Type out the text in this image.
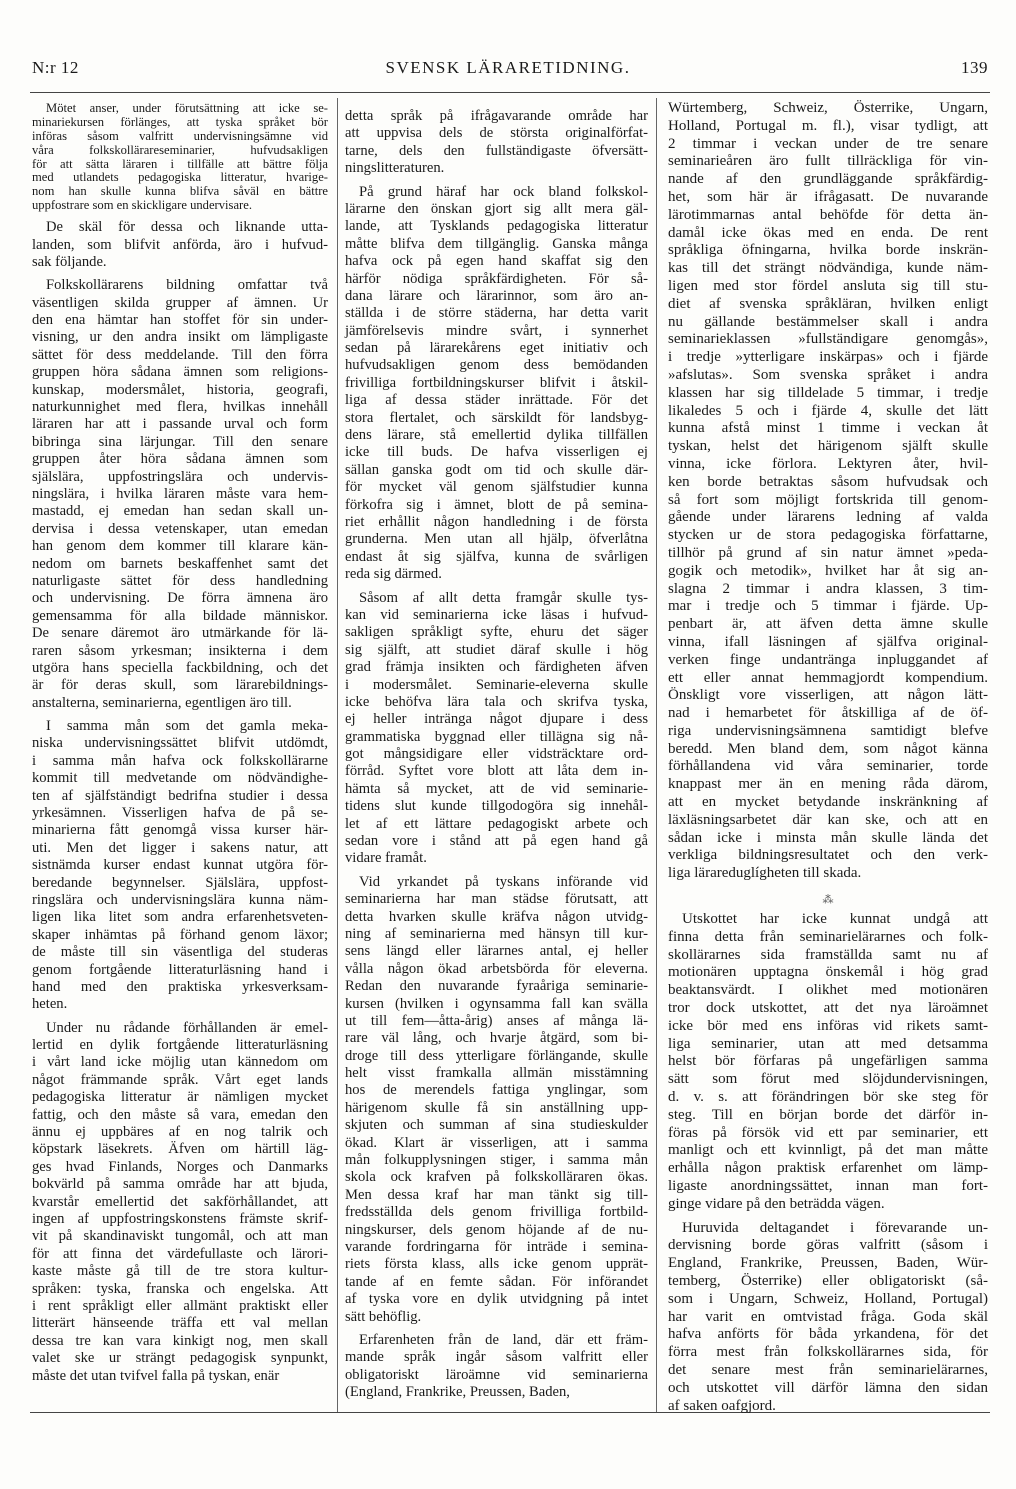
N:r 12	SVENSK LÄRARETIDNING.	139
Mötet anser, under förutsättning att icke se-
minariekursen förlänges, att tyska språket bör
införas såsom valfritt undervisningsämne vid
våra folkskollärareseminarier, hufvudsakligen
för att sätta läraren i tillfälle att bättre följa
med utlandets pedagogiska litteratur, hvarige-
nom han skulle kunna blifva såväl en bättre
uppfostrare som en skickligare undervisare.
De skäl för dessa och liknande utta-
landen, som blifvit anförda, äro i hufvud-
sak följande.
Folkskollärarens bildning omfattar två
väsentligen skilda grupper af ämnen. Ur
den ena hämtar han stoffet för sin under-
visning, ur den andra insikt om lämpligaste
sättet för dess meddelande. Till den förra
gruppen höra sådana ämnen som religions-
kunskap, modersmålet, historia, geografi,
naturkunnighet med flera, hvilkas innehåll
läraren har att i passande urval och form
bibringa sina lärjungar. Till den senare
gruppen åter höra sådana ämnen som
själslära, uppfostringslära och undervis-
ningslära, i hvilka läraren måste vara hem-
mastadd, ej emedan han sedan skall un-
dervisa i dessa vetenskaper, utan emedan
han genom dem kommer till klarare kän-
nedom om barnets beskaffenhet samt det
naturligaste sättet för dess handledning
och undervisning. De förra ämnena äro
gemensamma för alla bildade människor.
De senare däremot äro utmärkande för lä-
raren såsom yrkesman; insikterna i dem
utgöra hans speciella fackbildning, och det
är för deras skull, som lärarebildnings-
anstalterna, seminarierna, egentligen äro till.
I samma mån som det gamla meka-
niska undervisningssättet blifvit utdömdt,
i samma mån hafva ock folkskollärarne
kommit till medvetande om nödvändighe-
ten af själfständigt bedrifna studier i dessa
yrkesämnen. Visserligen hafva de på se-
minarierna fått genomgå vissa kurser här-
uti. Men det ligger i sakens natur, att
sistnämda kurser endast kunnat utgöra för-
beredande begynnelser. Själslära, uppfost-
ringslära och undervisningslära kunna näm-
ligen lika litet som andra erfarenhetsveten-
skaper inhämtas på förhand genom läxor;
de måste till sin väsentliga del studeras
genom fortgående litteraturläsning hand i
hand med den praktiska yrkesverksam-
heten.
Under nu rådande förhållanden är emel-
lertid en dylik fortgående litteraturläsning
i vårt land icke möjlig utan kännedom om
något främmande språk. Vårt eget lands
pedagogiska litteratur är nämligen mycket
fattig, och den måste så vara, emedan den
ännu ej uppbäres af en nog talrik och
köpstark läsekrets. Äfven om härtill läg-
ges hvad Finlands, Norges och Danmarks
bokvärld på samma område har att bjuda,
kvarstår emellertid det sakförhållandet, att
ingen af uppfostringskonstens främste skrif-
vit på skandinaviskt tungomål, och att man
för att finna det värdefullaste och lärori-
kaste måste gå till de tre stora kultur-
språken: tyska, franska och engelska. Att
i rent språkligt eller allmänt praktiskt eller
litterärt hänseende träffa ett val mellan
dessa tre kan vara kinkigt nog, men skall
valet ske ur strängt pedagogisk synpunkt,
måste det utan tvifvel falla på tyskan, enär
detta språk på ifrågavarande område har
att uppvisa dels de största originalförfat-
tarne, dels den fullständigaste öfversätt-
ningslitteraturen.
På grund häraf har ock bland folkskol-
lärarne den önskan gjort sig allt mera gäl-
lande, att Tysklands pedagogiska litteratur
måtte blifva dem tillgänglig. Ganska många
hafva ock på egen hand skaffat sig den
härför nödiga språkfärdigheten. För så-
dana lärare och lärarinnor, som äro an-
ställda i de större städerna, har detta varit
jämförelsevis mindre svårt, i synnerhet
sedan på lärarekårens eget initiativ och
hufvudsakligen genom dess bemödanden
frivilliga fortbildningskurser blifvit i åtskil-
liga af dessa städer inrättade. För det
stora flertalet, och särskildt för landsbyg-
dens lärare, stå emellertid dylika tillfällen
icke till buds. De hafva visserligen ej
sällan ganska godt om tid och skulle där-
för mycket väl genom själfstudier kunna
förkofra sig i ämnet, blott de på semina-
riet erhållit någon handledning i de första
grunderna. Men utan all hjälp, öfverlåtna
endast åt sig själfva, kunna de svårligen
reda sig därmed.
Såsom af allt detta framgår skulle tys-
kan vid seminarierna icke läsas i hufvud-
sakligen språkligt syfte, ehuru det säger
sig själft, att studiet däraf skulle i hög
grad främja insikten och färdigheten äfven
i modersmålet. Seminarie-eleverna skulle
icke behöfva lära tala och skrifva tyska,
ej heller intränga något djupare i dess
grammatiska byggnad eller tillägna sig nå-
got mångsidigare eller vidsträcktare ord-
förråd. Syftet vore blott att låta dem in-
hämta så mycket, att de vid seminarie-
tidens slut kunde tillgodogöra sig innehål-
let af ett lättare pedagogiskt arbete och
sedan vore i stånd att på egen hand gå
vidare framåt.
Vid yrkandet på tyskans införande vid
seminarierna har man städse förutsatt, att
detta hvarken skulle kräfva någon utvidg-
ning af seminarierna med hänsyn till kur-
sens längd eller lärarnes antal, ej heller
vålla någon ökad arbetsbörda för eleverna.
Redan den nuvarande fyraåriga seminarie-
kursen (hvilken i ogynsamma fall kan svälla
ut till fem—åtta-årig) anses af många lä-
rare väl lång, och hvarje åtgärd, som bi-
droge till dess ytterligare förlängande, skulle
helt visst framkalla allmän misstämning
hos de merendels fattiga ynglingar, som
härigenom skulle få sin anställning upp-
skjuten och summan af sina studieskulder
ökad. Klart är visserligen, att i samma
mån folkupplysningen stiger, i samma mån
skola ock krafven på folkskolläraren ökas.
Men dessa kraf har man tänkt sig till-
fredsställda dels genom frivilliga fortbild-
ningskurser, dels genom höjande af de nu-
varande fordringarna för inträde i semina-
riets första klass, alls icke genom upprät-
tande af en femte sådan. För införandet
af tyska vore en dylik utvidgning på intet
sätt behöflig.
Erfarenheten från de land, där ett främ-
mande språk ingår såsom valfritt eller
obligatoriskt läroämne vid seminarierna
(England, Frankrike, Preussen, Baden,
Würtemberg, Schweiz, Österrike, Ungarn,
Holland, Portugal m. fl.), visar tydligt, att
2 timmar i veckan under de tre senare
seminarieåren äro fullt tillräckliga för vin-
nande af den grundläggande språkfärdig-
het, som här är ifrågasatt. De nuvarande
lärotimmarnas antal behöfde för detta än-
damål icke ökas med en enda. De rent
språkliga öfningarna, hvilka borde inskrän-
kas till det strängt nödvändiga, kunde näm-
ligen med stor fördel ansluta sig till stu-
diet af svenska språkläran, hvilken enligt
nu gällande bestämmelser skall i andra
seminarieklassen »fullständigare genomgås»,
i tredje »ytterligare inskärpas» och i fjärde
»afslutas». Som svenska språket i andra
klassen har sig tilldelade 5 timmar, i tredje
likaledes 5 och i fjärde 4, skulle det lätt
kunna afstå minst 1 timme i veckan åt
tyskan, helst det härigenom själft skulle
vinna, icke förlora. Lektyren åter, hvil-
ken borde betraktas såsom hufvudsak och
så fort som möjligt fortskrida till genom-
gående under lärarens ledning af valda
stycken ur de stora pedagogiska författarne,
tillhör på grund af sin natur ämnet »peda-
gogik och metodik», hvilket har åt sig an-
slagna 2 timmar i andra klassen, 3 tim-
mar i tredje och 5 timmar i fjärde. Up-
penbart är, att äfven detta ämne skulle
vinna, ifall läsningen af själfva original-
verken finge undantränga inpluggandet af
ett eller annat hemmagjordt kompendium.
Önskligt vore visserligen, att någon lätt-
nad i hemarbetet för åtskilliga af de öf-
riga undervisningsämnena samtidigt blefve
beredd. Men bland dem, som något känna
förhållandena vid våra seminarier, torde
knappast mer än en mening råda därom,
att en mycket betydande inskränkning af
läxläsningsarbetet där kan ske, och att en
sådan icke i minsta mån skulle lända det
verkliga bildningsresultatet och den verk-
liga lärareduglígheten till skada.
⁂
Utskottet har icke kunnat undgå att
finna detta från seminarielärarnes och folk-
skollärarnes sida framställda samt nu af
motionären upptagna önskemål i hög grad
beaktansvärdt. I olikhet med motionären
tror dock utskottet, att det nya läroämnet
icke bör med ens införas vid rikets samt-
liga seminarier, utan att med detsamma
helst bör förfaras på ungefärligen samma
sätt som förut med slöjdundervisningen,
d. v. s. att förändringen bör ske steg för
steg. Till en början borde det därför in-
föras på försök vid ett par seminarier, ett
manligt och ett kvinnligt, på det man måtte
erhålla någon praktisk erfarenhet om lämp-
ligaste anordningssättet, innan man fort-
ginge vidare på den beträdda vägen.
Huruvida deltagandet i förevarande un-
dervisning borde göras valfritt (såsom i
England, Frankrike, Preussen, Baden, Wür-
temberg, Österrike) eller obligatoriskt (så-
som i Ungarn, Schweiz, Holland, Portugal)
har varit en omtvistad fråga. Goda skäl
hafva anförts för båda yrkandena, för det
förra mest från folkskollärarnes sida, för
det senare mest från seminarielärarnes,
och utskottet vill därför lämna den sidan
af saken oafgjord.
